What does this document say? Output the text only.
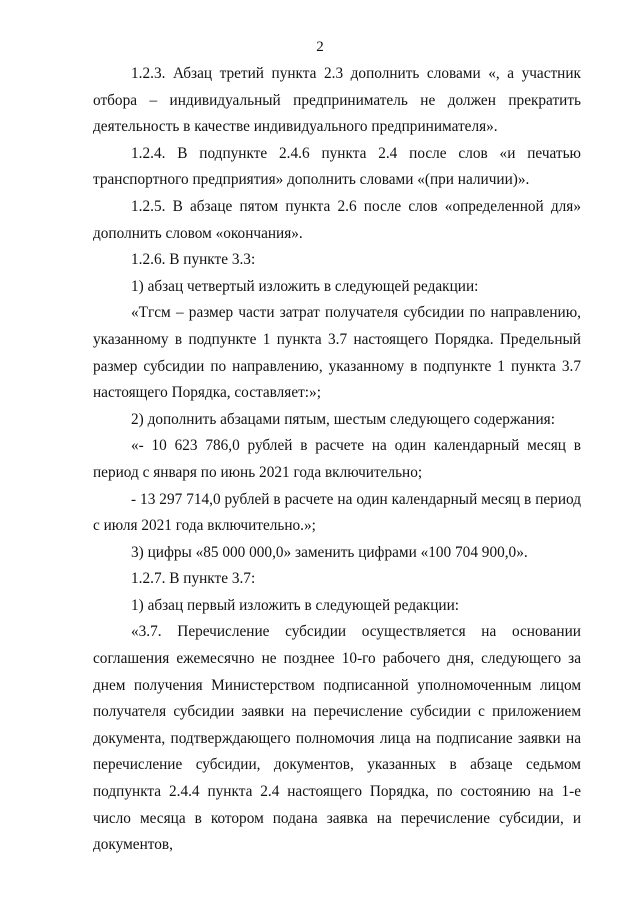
2

1.2.3. Абзац третий пункта 2.3 дополнить словами «, а участник отбора – индивидуальный предприниматель не должен прекратить деятельность в качестве индивидуального предпринимателя».

1.2.4. В подпункте 2.4.6 пункта 2.4 после слов «и печатью транспортного предприятия» дополнить словами «(при наличии)».

1.2.5. В абзаце пятом пункта 2.6 после слов «определенной для» дополнить словом «окончания».

1.2.6. В пункте 3.3:

1) абзац четвертый изложить в следующей редакции:

«Тгсм – размер части затрат получателя субсидии по направлению, указанному в подпункте 1 пункта 3.7 настоящего Порядка. Предельный размер субсидии по направлению, указанному в подпункте 1 пункта 3.7 настоящего Порядка, составляет:»;

2) дополнить абзацами пятым, шестым следующего содержания:

«- 10 623 786,0 рублей в расчете на один календарный месяц в период с января по июнь 2021 года включительно;

- 13 297 714,0 рублей в расчете на один календарный месяц в период с июля 2021 года включительно.»;

3) цифры «85 000 000,0» заменить цифрами «100 704 900,0».

1.2.7. В пункте 3.7:

1) абзац первый изложить в следующей редакции:

«3.7. Перечисление субсидии осуществляется на основании соглашения ежемесячно не позднее 10-го рабочего дня, следующего за днем получения Министерством подписанной уполномоченным лицом получателя субсидии заявки на перечисление субсидии с приложением документа, подтверждающего полномочия лица на подписание заявки на перечисление субсидии, документов, указанных в абзаце седьмом подпункта 2.4.4 пункта 2.4 настоящего Порядка, по состоянию на 1-е число месяца в котором подана заявка на перечисление субсидии, и документов,
